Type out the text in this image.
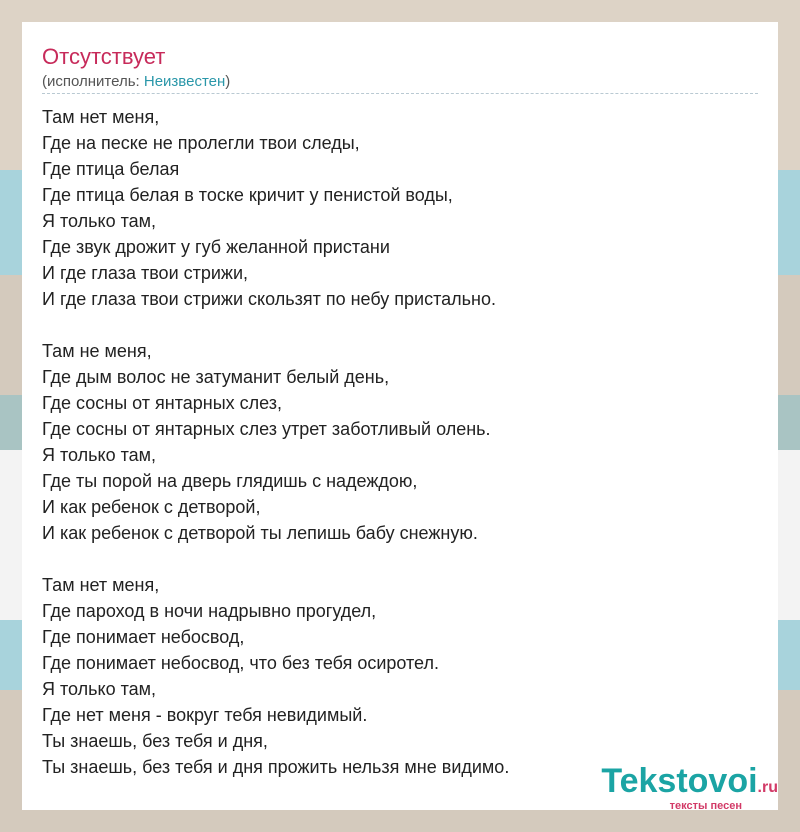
Отсутствует
(исполнитель: Неизвестен)
Там нет меня,
Где на песке не пролегли твои следы,
Где птица белая
Где птица белая в тоске кричит у пенистой воды,
Я только там,
Где звук дрожит у губ желанной пристани
И где глаза твои стрижи,
И где глаза твои стрижи скользят по небу пристально.
Там не меня,
Где дым волос не затуманит белый день,
Где сосны от янтарных слез,
Где сосны от янтарных слез утрет заботливый олень.
Я только там,
Где ты порой на дверь глядишь с надеждою,
И как ребенок с детворой,
И как ребенок с детворой ты лепишь бабу снежную.
Там нет меня,
Где пароход в ночи надрывно прогудел,
Где понимает небосвод,
Где понимает небосвод, что без тебя осиротел.
Я только там,
Где нет меня - вокруг тебя невидимый.
Ты знаешь, без тебя и дня,
Ты знаешь, без тебя и дня прожить нельзя мне видимо.	Tekstovoi.ru
тексты песен
